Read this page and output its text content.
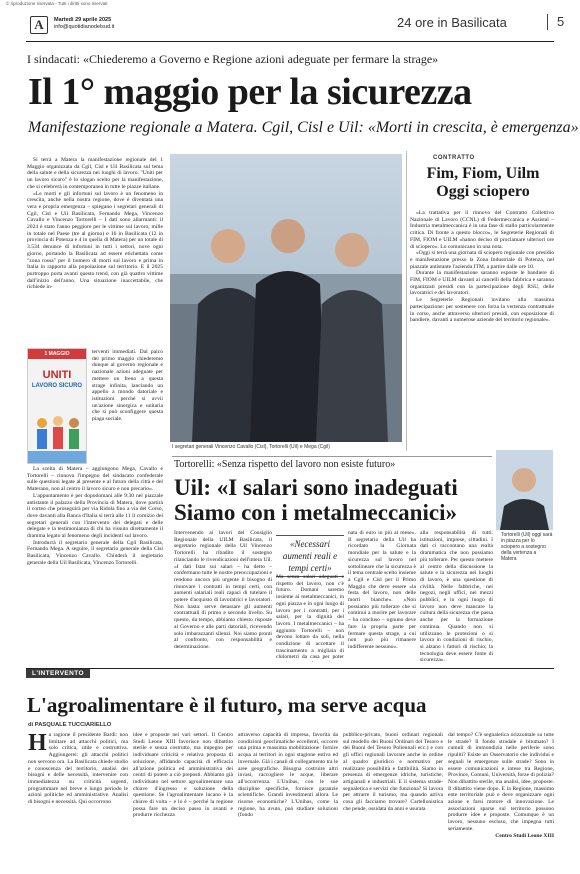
© riproduzione riservata - Tutti i diritti sono riservati
A	Martedì 29 aprile 2025
info@quotidianodelsud.it	24 ore in Basilicata	5
I sindacati: «Chiederemo a Governo e Regione azioni adeguate per fermare la strage»
Il 1° maggio per la sicurezza
Manifestazione regionale a Matera. Cgil, Cisl e Uil: «Morti in crescita, è emergenza»

Si terrà a Matera la manifestazione regionale del 1 Maggio organizzata da Cgil, Cisl e Uil Basilicata sul tema della salute e della sicurezza nei luoghi di lavoro. "Uniti per un lavoro sicuro" è lo slogan scelto per la manifestazione, che si celebrerà in contemporanea in tutte le piazze italiane.

«Le morti e gli infortuni sul lavoro è un fenomeno in crescita, anche nella nostra regione, dove è diventata una vera e propria emergenza – spiegano i segretari generali di Cgil, Cisl e Uil Basilicata, Fernando Mega, Vincenzo Cavallo e Vincenzo Tortorelli – I dati sono allarmanti: il 2024 è stato l'anno peggiore per le vittime sul lavoro, mille in totale nel Paese (tre al giorno) e 16 in Basilicata (12 in provincia di Potenza e 4 in quella di Matera) per un totale di 3.534 denunce di infortuni in tutti i settori, nove ogni giorno, portando la Basilicata ad essere etichettata come "zona rossa" per il numero di morti sul lavoro e prima in Italia in rapporto alla popolazione sul territorio. E il 2025 purtroppo porta avanti questo trend, con già quattro vittime dall'inizio dell'anno. Una situazione inaccettabile, che richiede in-

1 MAGGIO
UNITI
LAVORO SICURO

terventi immediati. Dal palco del primo maggio chiederemo dunque al governo regionale e nazionale azioni adeguate per mettere un freno a questa strage infinita, lanciando un appello a mondo datoriale e istituzioni perché si avvii un'azione sinergica e unitaria che si può sconfiggere questa piaga sociale.

La scelta di Matera – aggiungono Mega, Cavallo e Tortorelli – rinnova l'impegno del sindacato confederale sulle questioni legate al presente e al futuro della città e del Materano, non al centro il lavoro sicuro e non precario».

L'appuntamento è per dopodomani alle 9:30 nel piazzale antistante il palazzo della Provincia di Matera, dove partirà il corteo che proseguirà per via Ridola fino a via del Corso, dove davanti alla Banca d'Italia si terrà alle 11 il comizio dei segretari generali con l'intervento dei delegati e delle delegate e la testimonianza di chi ha vissuto direttamente il dramma legato al fenomeno degli incidenti sul lavoro.

Introdurrà il segretario generale della Cgil Basilicata, Fernando Mega. A seguire, il segretario generale della Cisl Basilicata, Vincenzo Cavallo. Chiuderà il segretario generale della Uil Basilicata, Vincenzo Tortorelli.

I segretari generali Vincenzo Cavallo (Cisl), Tortorelli (Uil) e Mega (Cgil)
CONTRATTO
Fim, Fiom, Uilm Oggi sciopero

«La trattativa per il rinnovo del Contratto Collettivo Nazionale di Lavoro (CCNL) di Federmeccanica e Assistal – Industria metalmeccanica è in una fase di stallo particolarmente critica. Di fronte a questo blocco», le Segreterie Regionali di FIM, FIOM e UILM «hanno deciso di proclamare ulteriori ore di sciopero». Lo comunicano in una nota.

«Oggi si terrà una giornata di sciopero regionale con presidio e manifestazione presso la Zona Industriale di Potenza, nel piazzale antistante l'azienda ITM, a partire dalle ore 10.

Durante la manifestazione saranno esposte le bandiere di FIM, FIOM e UILM davanti ai cancelli della fabbrica e saranno organizzati presidi con la partecipazione degli RSU, delle lavoratrici e dei lavoratori.

Le Segreterie Regionali invitano alla massima partecipazione: per sostenere con forza la vertenza contrattuale in corso, anche attraverso ulteriori presidi, con esposizione di bandiere, davanti a numerose aziende del territorio regionale».

Tortorelli: «Senza rispetto del lavoro non esiste futuro»
Uil: «I salari sono inadeguati
Siamo con i metalmeccanici»

Intervenendo ai lavori del Consiglio Regionale della UILM Basilicata, il segretario regionale della Uil Vincenzo Tortorelli ha ribadito il sostegno rilanciando le rivendicazioni dell'intera Uil. «I dati Istat sui salari – ha detto – confermano tutte le nostre preoccupazioni e rendono ancora più urgente il bisogno di rinnovare i contratti in tempi certi, con aumenti salariali reali capaci di tutelare il potere d'acquisto di lavoratrici e lavoratori. Non basta: serve detassare gli aumenti contrattuali di primo e secondo livello. Su questo, da tempo, abbiamo chiesto risposte al Governo e alle parti datoriali, ricevendo solo imbarazzanti silenzi. Noi siamo pronti al confronto, con responsabilità e determinazione.

«Necessari aumenti reali e tempi certi»

Ma senza salari adeguati e rispetto del lavoro, non c'è futuro. Domani saremo insieme ai metalmeccanici, in ogni piazza e in ogni luogo di lavoro per i contratti, per i salari, per la dignità del lavoro. I metalmeccanici – ha aggiunto Tortorelli – non devono lottare da soli, nella condizione di accettare il trascinamento a migliaia di chilometri da casa per poter

nata di euro in più al mese». Il segretario della Uil ha ricordato la Giornata mondiale per la salute e la sicurezza sul lavoro nel sottolineare che la sicurezza è il tema centrale scelto insieme a Cgil e Cisl per il Primo Maggio che deve essere «la festa del lavoro, non delle morti bianche». «Non possiamo più tollerare che si continui a morire per lavorare – ha concluso – ognuno deve fare la propria parte per fermare questa strage, a cui non può più rimanere indifferente nessuno».

alla responsabilità di tutti: istituzioni, imprese, cittadini. I dati ci raccontano una realtà drammatica che non possiamo più tollerare. Per questo mettere al centro della discussione la salute e la sicurezza nei luoghi di lavoro, è una questione di civiltà. Nelle fabbriche, nei negozi, negli uffici, nei mezzi pubblici, e in ogni luogo di lavoro non deve mancare la cultura della sicurezza che passa anche per la formazione continua. Quando non si utilizzano le protezioni o si lavora in condizioni di rischio, si alzano i fattori di rischio; la tecnologia deve essere fonte di sicurezza».

Tortorelli (Uil) oggi sarà in piazza per lo sciopero a sostegno della vertenza a Matera
L'INTERVENTO
L'agroalimentare è il futuro, ma serve acqua
di PASQUALE TUCCIARIELLO
H a ragione il presidente Bardi: non limitare ad attacchi politici, ma solo critica, utile e costruttiva. Aggiungerei: gli attacchi politici non servono ora. La Basilicata chiede studio e conoscenza del territorio, analisi dei bisogni e delle necessità, intervenire con immediatezza su criticità urgenti, programmare nel breve e lungo periodo le azioni politiche ed amministrative. Analisi di bisogni e necessità. Qui occorrono

idee e proposte nei vari settori. Il Centro Studi Leone XIII favorisce non dibattito sterile e senza costrutto, ma impegno per individuare criticità e relativa proposta di soluzione, affidando capacità di efficacia all'azione politica ed amministrativa dei centri di potere a ciò preposti. Abbiamo già individuato nel settore agroalimentare una chiave d'ingresso e soluzione della questione. Se l'agroalimentare lucano è la chiave di volta – e lo è – perché la regione possa fare un deciso passo in avanti e produrre ricchezza

attraverso capacità di impresa, favorita da condizioni geoclimatiche eccellenti, occorre una prima e massima mobilitazione: fornire acqua ai territori in ogni stagione estiva ed invernale. Già i canali di collegamento tra le aree geografiche. Bisogna costruire altri invasi, raccogliere le acque, liberare all'occorrenza. L'Unibas, con le sue discipline specifiche, fornisce garanzie scientifiche. Grandi investimenti allora. Le risorse economiche? L'Unibas, come la regione, ha avuto, può studiare soluzioni (fondo

pubblico-privato, buoni ordinari regionali sul modello dei Buoni Ordinari del Tesoro e dei Buoni del Tesoro Poliennali ecc.) e con gli uffici regionali lavorare anche in ordine al quadro giuridico e normativo per realizzare possibilità e fattibilità. Siamo in presenza di emergenze idriche, turistiche, artigianali e industriali. E il sistema strade-segnaletica e servizi che funziona? Si lavora per attrarre il turismo, ma quando arriva cosa gli facciamo trovare? Cartellonistica che pende, ossidata da anni e usurata

dal tempo? C'è segnaletica orizzontale su tutte le strade? Il fondo stradale è bitumato? I cumuli di immondizia nelle periferie sono ripuliti? Esiste un Osservatorio che individui e segnali le emergenze sulle strade? Sono in essere comunicazioni e intese tra Regione, Province, Comuni, Università, forze di polizia? Non dibattito sterile, ma analisi, idee, proposte. Il dibattito viene dopo. E la Regione, massimo ente territoriale può e deve organizzare ogni azione e farsi motore di innovazione. Le associazioni sparse sul territorio possono produrre idee e proposte. Comunque è un lavoro, nessuno escluso, che impegna tutti seriamente.

Centro Studi Leone XIII
